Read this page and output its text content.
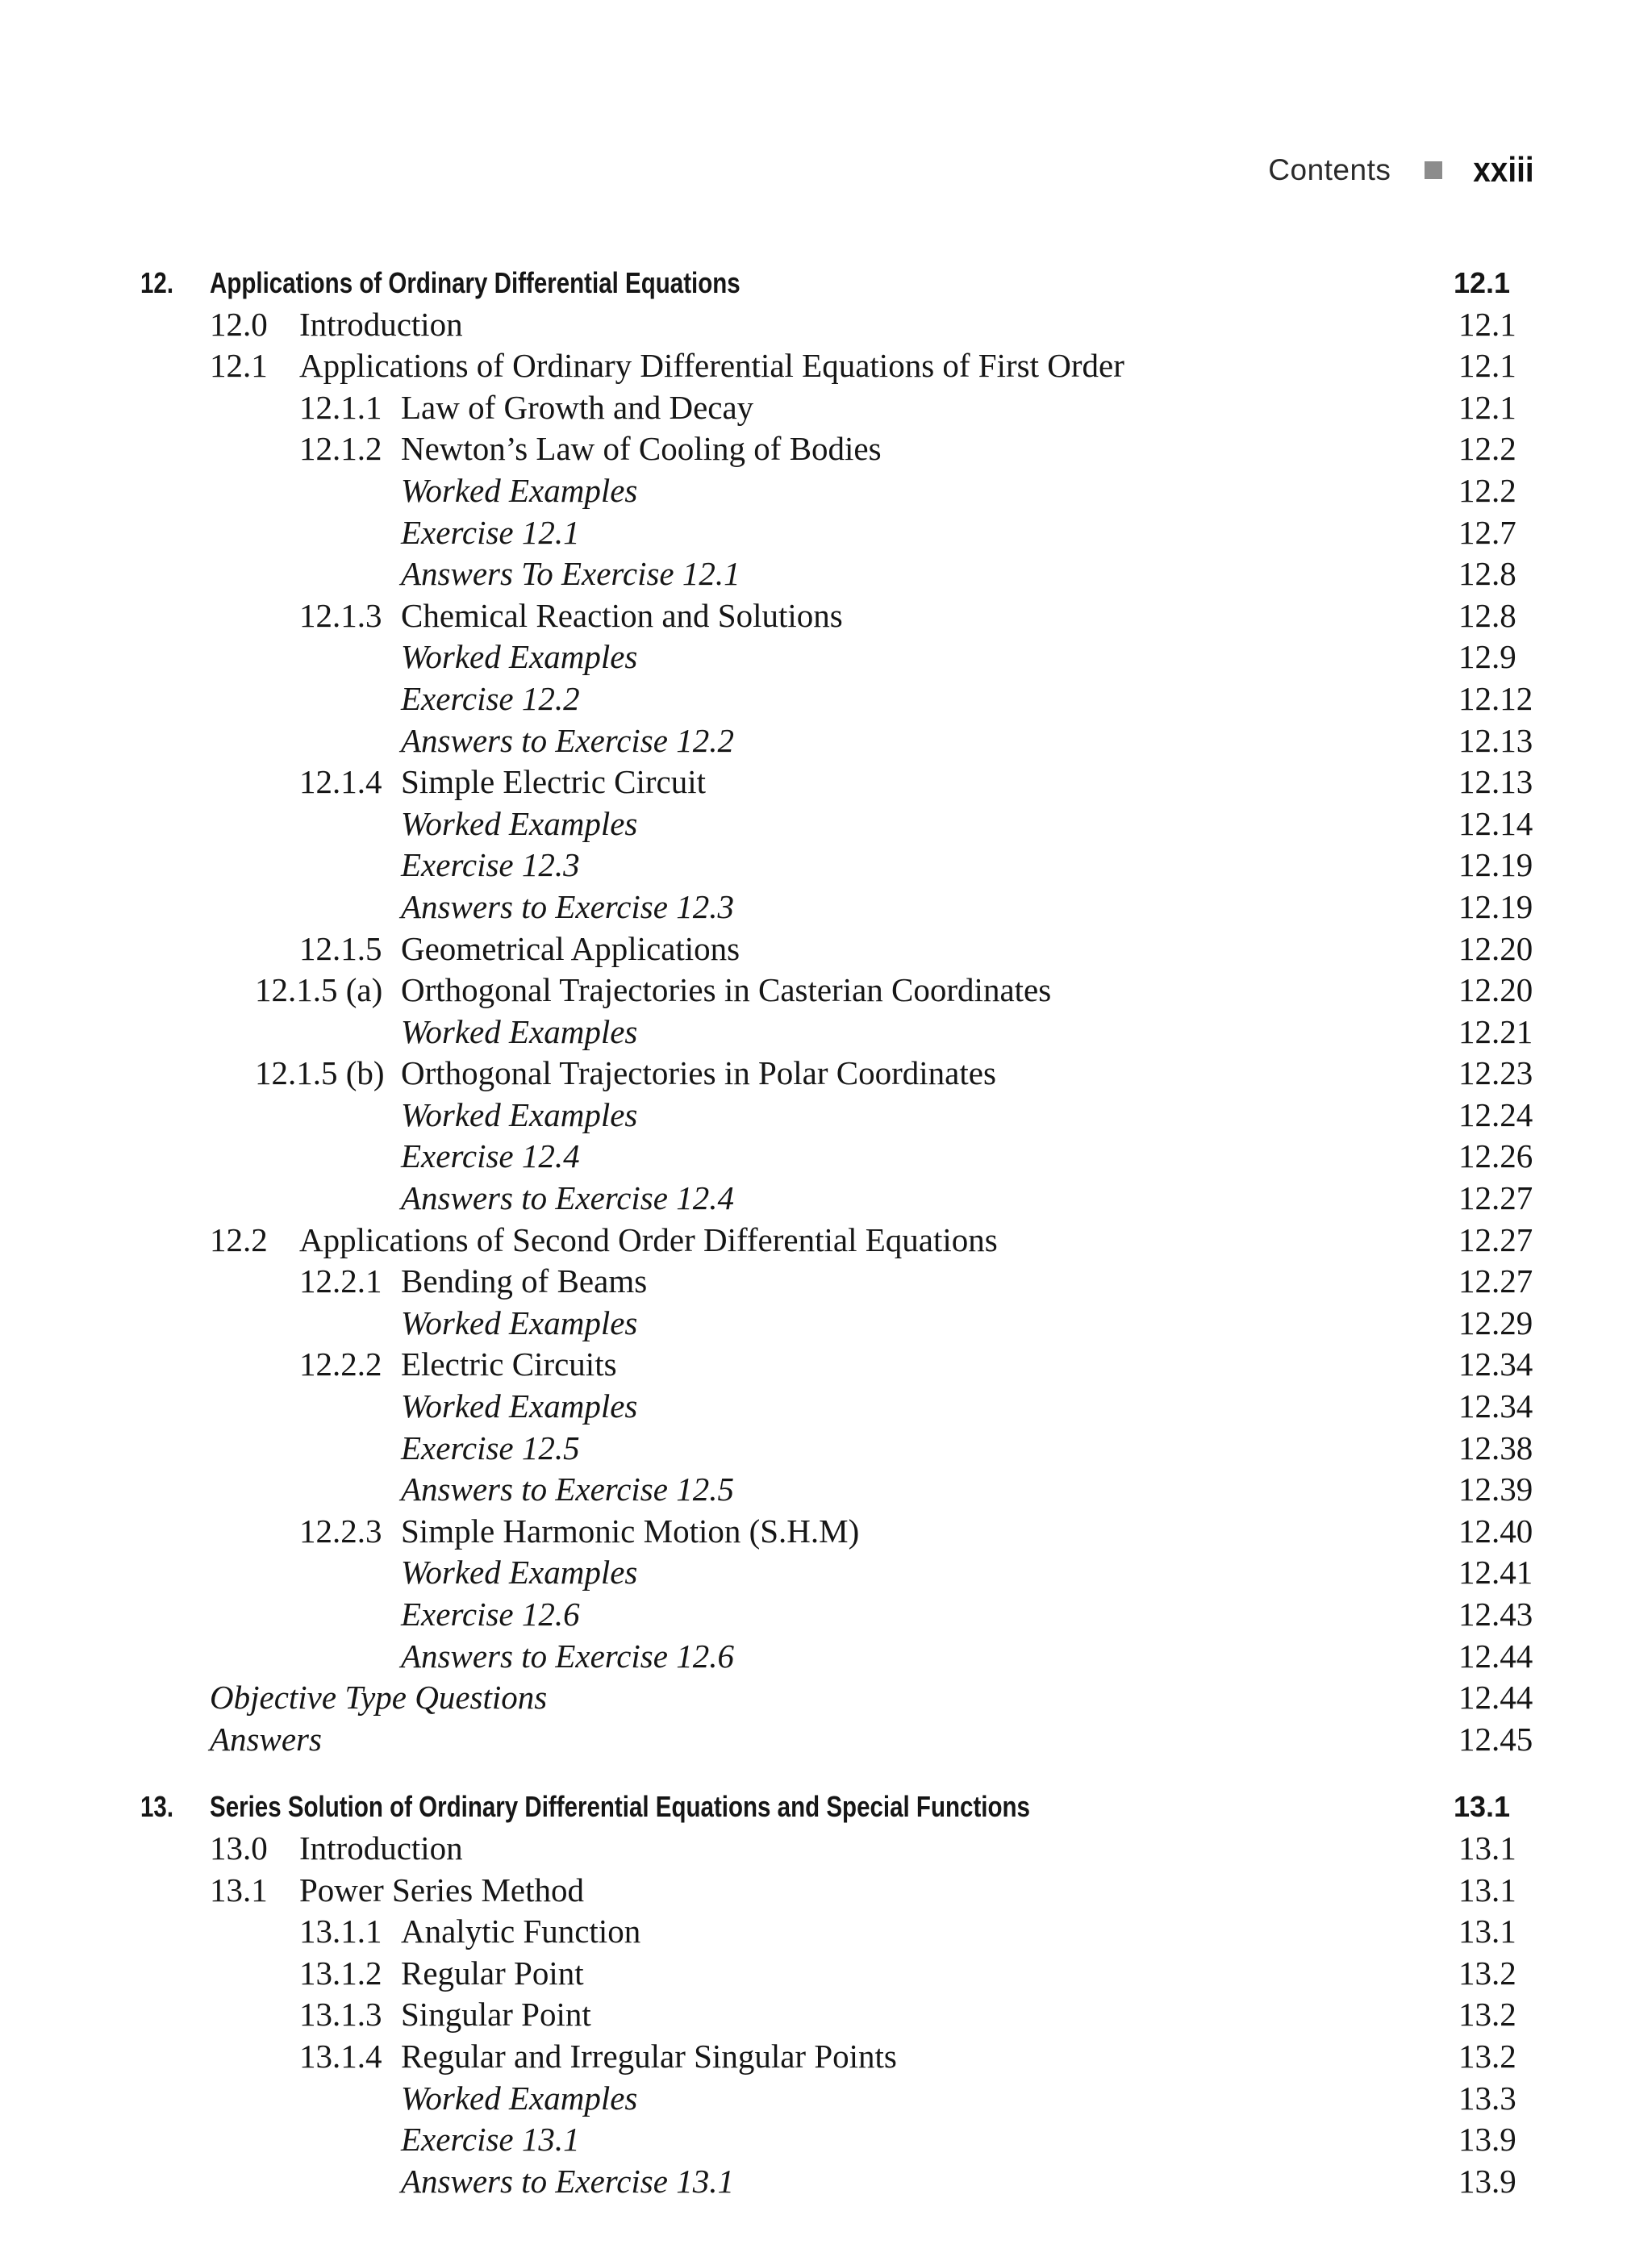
Contents xxiii
12. Applications of Ordinary Differential Equations	12.1
12.0 Introduction	12.1
12.1 Applications of Ordinary Differential Equations of First Order	12.1
12.1.1 Law of Growth and Decay	12.1
12.1.2 Newton’s Law of Cooling of Bodies	12.2
Worked Examples	12.2
Exercise 12.1	12.7
Answers To Exercise 12.1	12.8
12.1.3 Chemical Reaction and Solutions	12.8
Worked Examples	12.9
Exercise 12.2	12.12
Answers to Exercise 12.2	12.13
12.1.4 Simple Electric Circuit	12.13
Worked Examples	12.14
Exercise 12.3	12.19
Answers to Exercise 12.3	12.19
12.1.5 Geometrical Applications	12.20
12.1.5 (a) Orthogonal Trajectories in Casterian Coordinates	12.20
Worked Examples	12.21
12.1.5 (b) Orthogonal Trajectories in Polar Coordinates	12.23
Worked Examples	12.24
Exercise 12.4	12.26
Answers to Exercise 12.4	12.27
12.2 Applications of Second Order Differential Equations	12.27
12.2.1 Bending of Beams	12.27
Worked Examples	12.29
12.2.2 Electric Circuits	12.34
Worked Examples	12.34
Exercise 12.5	12.38
Answers to Exercise 12.5	12.39
12.2.3 Simple Harmonic Motion (S.H.M)	12.40
Worked Examples	12.41
Exercise 12.6	12.43
Answers to Exercise 12.6	12.44
Objective Type Questions	12.44
Answers	12.45
13. Series Solution of Ordinary Differential Equations and Special Functions	13.1
13.0 Introduction	13.1
13.1 Power Series Method	13.1
13.1.1 Analytic Function	13.1
13.1.2 Regular Point	13.2
13.1.3 Singular Point	13.2
13.1.4 Regular and Irregular Singular Points	13.2
Worked Examples	13.3
Exercise 13.1	13.9
Answers to Exercise 13.1	13.9
